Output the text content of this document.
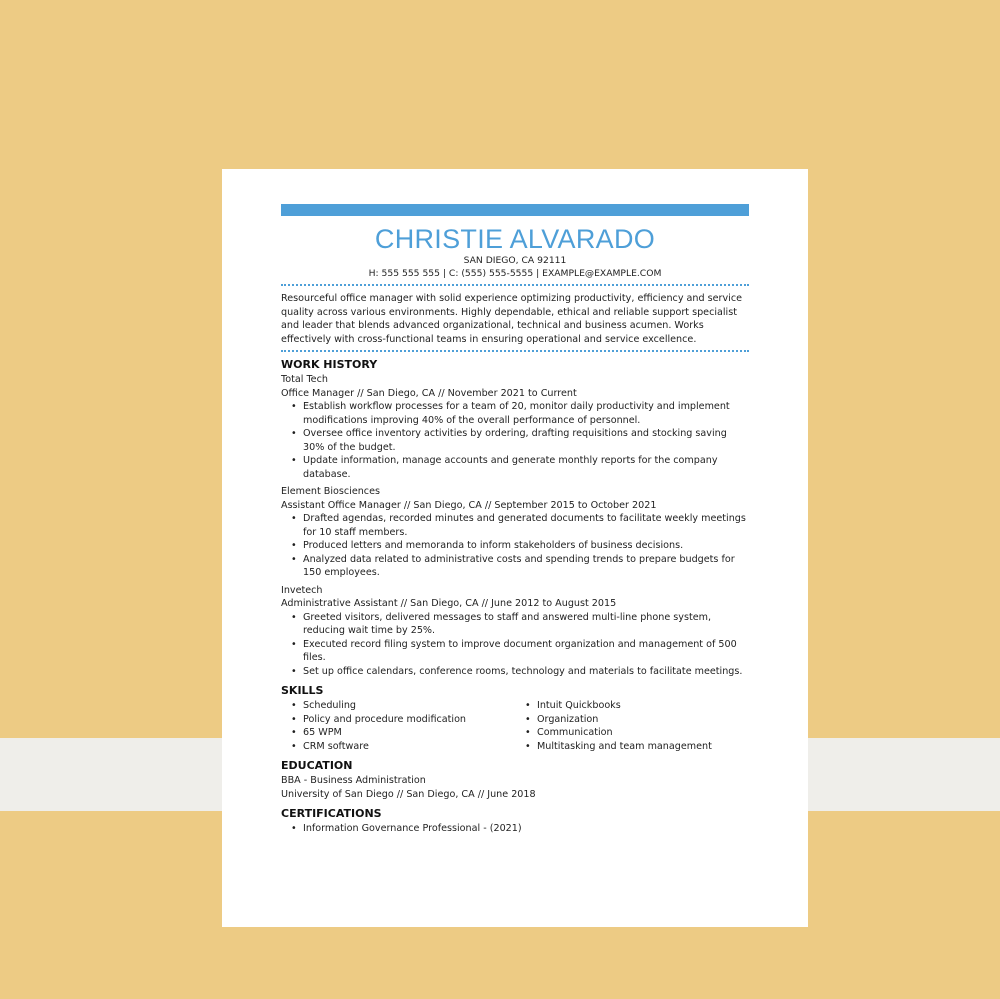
CHRISTIE ALVARADO
SAN DIEGO, CA 92111
H: 555 555 555 | C: (555) 555-5555 | EXAMPLE@EXAMPLE.COM
Resourceful office manager with solid experience optimizing productivity, efficiency and service quality across various environments. Highly dependable, ethical and reliable support specialist and leader that blends advanced organizational, technical and business acumen. Works effectively with cross-functional teams in ensuring operational and service excellence.
WORK HISTORY
Total Tech
Office Manager // San Diego, CA // November 2021 to Current
• Establish workflow processes for a team of 20, monitor daily productivity and implement modifications improving 40% of the overall performance of personnel.
• Oversee office inventory activities by ordering, drafting requisitions and stocking saving 30% of the budget.
• Update information, manage accounts and generate monthly reports for the company database.
Element Biosciences
Assistant Office Manager // San Diego, CA // September 2015 to October 2021
• Drafted agendas, recorded minutes and generated documents to facilitate weekly meetings for 10 staff members.
• Produced letters and memoranda to inform stakeholders of business decisions.
• Analyzed data related to administrative costs and spending trends to prepare budgets for 150 employees.
Invetech
Administrative Assistant // San Diego, CA // June 2012 to August 2015
• Greeted visitors, delivered messages to staff and answered multi-line phone system, reducing wait time by 25%.
• Executed record filing system to improve document organization and management of 500 files.
• Set up office calendars, conference rooms, technology and materials to facilitate meetings.
SKILLS
• Scheduling
• Policy and procedure modification
• 65 WPM
• CRM software
• Intuit Quickbooks
• Organization
• Communication
• Multitasking and team management
EDUCATION
BBA - Business Administration
University of San Diego // San Diego, CA // June 2018
CERTIFICATIONS
• Information Governance Professional - (2021)
